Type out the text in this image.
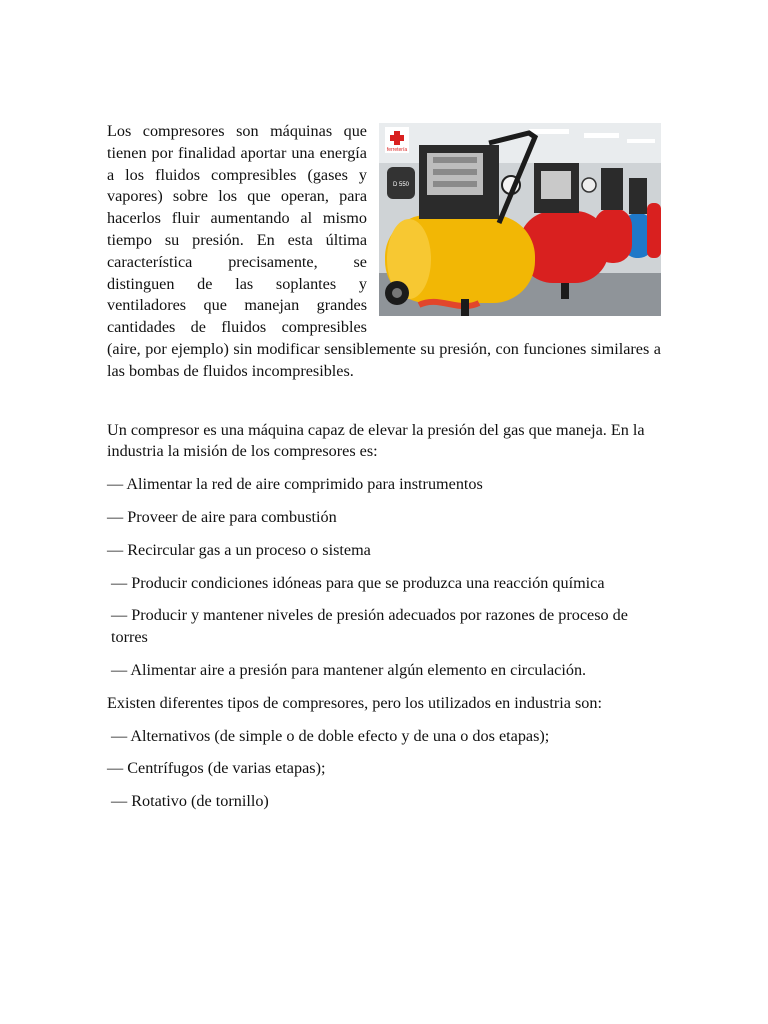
ferretería
D 550

Los compresores son máquinas que tienen por finalidad aportar una energía a los fluidos compresibles (gases y vapores) sobre los que operan, para hacerlos fluir aumentando al mismo tiempo su presión. En esta última característica precisamente, se distinguen de las soplantes y ventiladores que manejan grandes cantidades de fluidos compresibles (aire, por ejemplo) sin modificar sensiblemente su presión, con funciones similares a las bombas de fluidos incompresibles.

Un compresor es una máquina capaz de elevar la presión del gas que maneja. En la industria la misión de los compresores es:

— Alimentar la red de aire comprimido para instrumentos

— Proveer de aire para combustión

— Recircular gas a un proceso o sistema

— Producir condiciones idóneas para que se produzca una reacción química

— Producir y mantener niveles de presión adecuados por razones de proceso de torres

— Alimentar aire a presión para mantener algún elemento en circulación.

Existen diferentes tipos de compresores, pero los utilizados en industria son:

— Alternativos (de simple o de doble efecto y de una o dos etapas);

— Centrífugos (de varias etapas);

— Rotativo (de tornillo)
